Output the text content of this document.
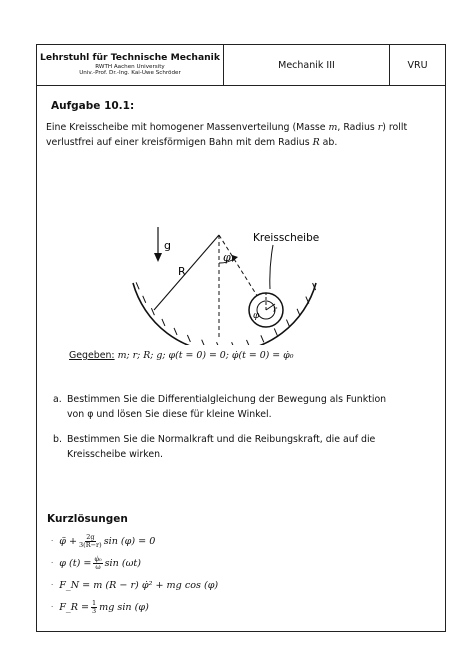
Lehrstuhl für Technische Mechanik
RWTH Aachen University
Univ.-Prof. Dr.-Ing. Kai-Uwe Schröder
Mechanik III	VRU
Aufgabe 10.1:
Eine Kreisscheibe mit homogener Massenverteilung (Masse m, Radius r) rollt verlustfrei auf einer kreisförmigen Bahn mit dem Radius R ab.
g
R
φ
φ
r
Kreisscheibe
Gegeben: m; r; R; g; φ(t = 0) = 0; φ̇(t = 0) = φ̇₀
a. Bestimmen Sie die Differentialgleichung der Bewegung als Funktion von φ und lösen Sie diese für kleine Winkel.
b. Bestimmen Sie die Normalkraft und die Reibungskraft, die auf die Kreisscheibe wirken.
Kurzlösungen
· φ̈ + $\frac{2g}{3(R-r)}$ sin (φ) = 0
· φ $(t) = \frac{\text{φ̇₀}}{\omega}$ sin (ωt)
· F_N = m (R − r) φ̇² + mg cos (φ)
· F_R = $\frac{1}{3}$ mg sin (φ)
